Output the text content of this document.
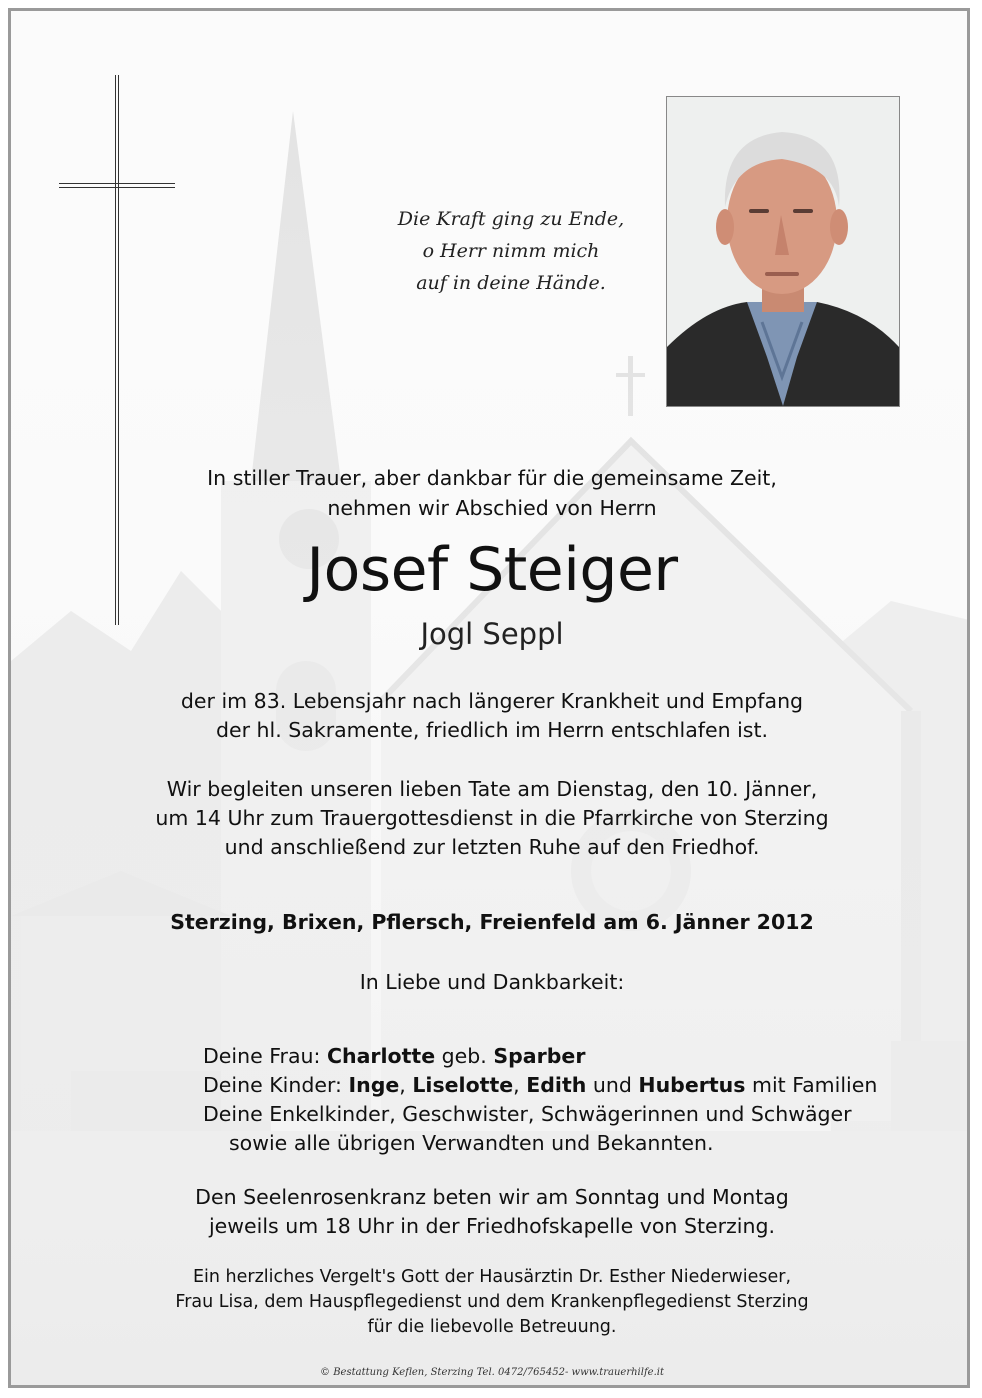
Die Kraft ging zu Ende,
o Herr nimm mich
auf in deine Hände.
In stiller Trauer, aber dankbar für die gemeinsame Zeit,
nehmen wir Abschied von Herrn
Josef Steiger
Jogl Seppl
der im 83. Lebensjahr nach längerer Krankheit und Empfang
der hl. Sakramente, friedlich im Herrn entschlafen ist.
Wir begleiten unseren lieben Tate am Dienstag, den 10. Jänner,
um 14 Uhr zum Trauergottesdienst in die Pfarrkirche von Sterzing
und anschließend zur letzten Ruhe auf den Friedhof.
Sterzing, Brixen, Pflersch, Freienfeld am 6. Jänner 2012
In Liebe und Dankbarkeit:
Deine Frau: Charlotte geb. Sparber
Deine Kinder: Inge, Liselotte, Edith und Hubertus mit Familien
Deine Enkelkinder, Geschwister, Schwägerinnen und Schwäger
sowie alle übrigen Verwandten und Bekannten.
Den Seelenrosenkranz beten wir am Sonntag und Montag
jeweils um 18 Uhr in der Friedhofskapelle von Sterzing.
Ein herzliches Vergelt's Gott der Hausärztin Dr. Esther Niederwieser,
Frau Lisa, dem Hauspflegedienst und dem Krankenpflegedienst Sterzing
für die liebevolle Betreuung.
© Bestattung Keflen, Sterzing Tel. 0472/765452- www.trauerhilfe.it
